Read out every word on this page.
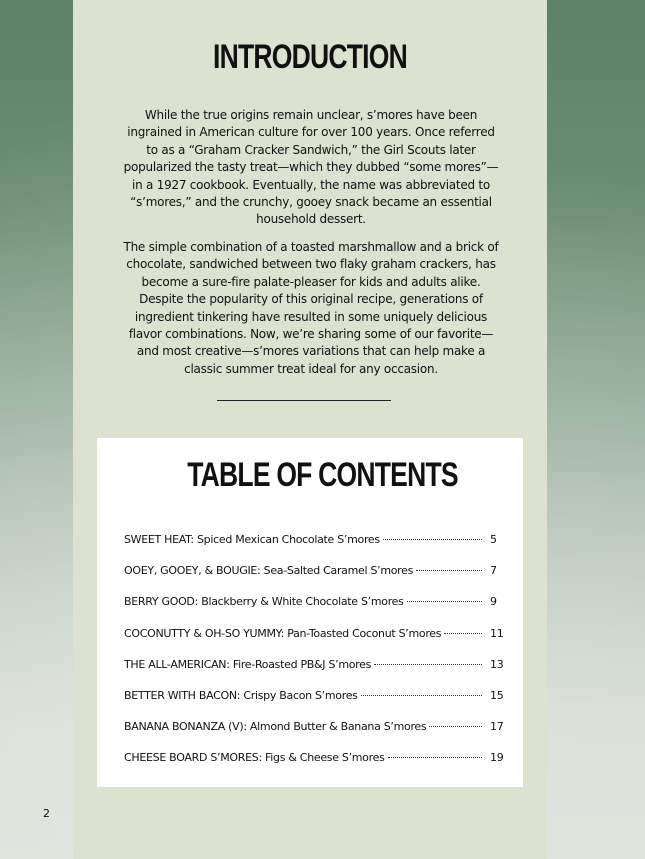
INTRODUCTION

While the true origins remain unclear, s’mores have been ingrained in American culture for over 100 years. Once referred to as a “Graham Cracker Sandwich,” the Girl Scouts later popularized the tasty treat—which they dubbed “some mores”—in a 1927 cookbook. Eventually, the name was abbreviated to “s’mores,” and the crunchy, gooey snack became an essential household dessert.

The simple combination of a toasted marshmallow and a brick of chocolate, sandwiched between two flaky graham crackers, has become a sure-fire palate-pleaser for kids and adults alike. Despite the popularity of this original recipe, generations of ingredient tinkering have resulted in some uniquely delicious flavor combinations. Now, we’re sharing some of our favorite—and most creative—s’mores variations that can help make a classic summer treat ideal for any occasion.

TABLE OF CONTENTS
SWEET HEAT: Spiced Mexican Chocolate S’mores	5
OOEY, GOOEY, & BOUGIE: Sea-Salted Caramel S’mores	7
BERRY GOOD: Blackberry & White Chocolate S’mores	9
COCONUTTY & OH-SO YUMMY: Pan-Toasted Coconut S’mores	11
THE ALL-AMERICAN: Fire-Roasted PB&J S’mores	13
BETTER WITH BACON: Crispy Bacon S’mores	15
BANANA BONANZA (V): Almond Butter & Banana S’mores	17
CHEESE BOARD S’MORES: Figs & Cheese S’mores	19
2
